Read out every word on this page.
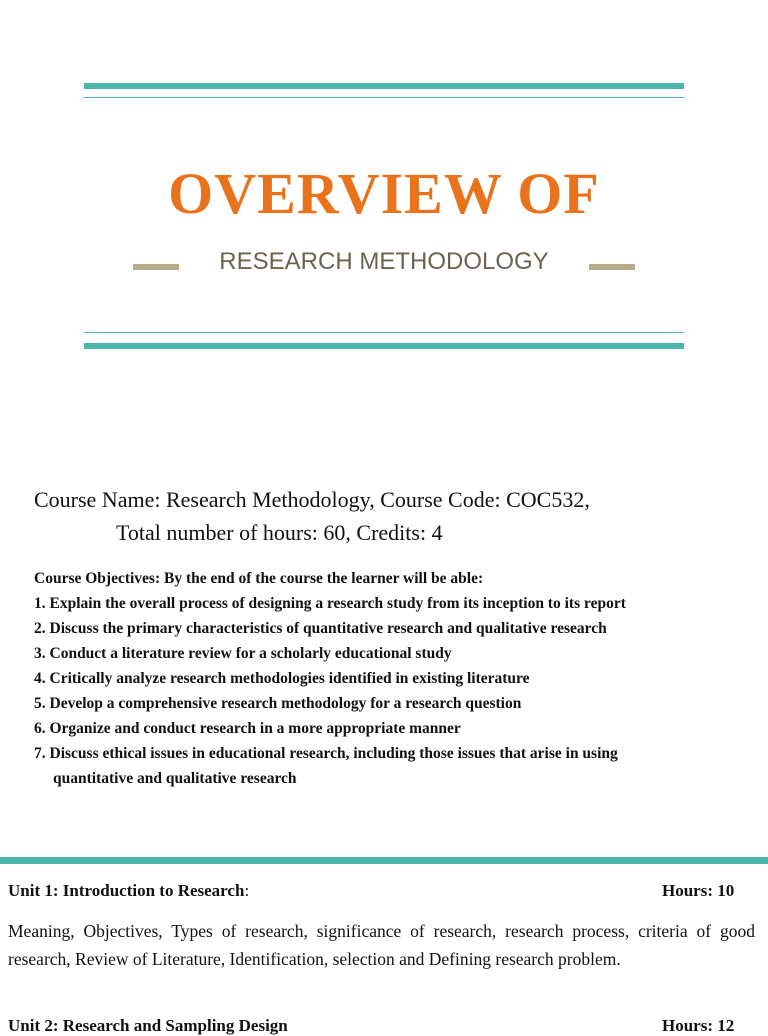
OVERVIEW OF
RESEARCH METHODOLOGY
Course Name: Research Methodology, Course Code: COC532,
Total number of hours: 60, Credits: 4
Course Objectives: By the end of the course the learner will be able:
1. Explain the overall process of designing a research study from its inception to its report
2. Discuss the primary characteristics of quantitative research and qualitative research
3. Conduct a literature review for a scholarly educational study
4. Critically analyze research methodologies identified in existing literature
5. Develop a comprehensive research methodology for a research question
6. Organize and conduct research in a more appropriate manner
7. Discuss ethical issues in educational research, including those issues that arise in using
quantitative and qualitative research
Unit 1: Introduction to Research:	Hours: 10
Meaning, Objectives, Types of research, significance of research, research process, criteria of good research, Review of Literature, Identification, selection and Defining research problem.
Unit 2: Research and Sampling Design	Hours: 12
